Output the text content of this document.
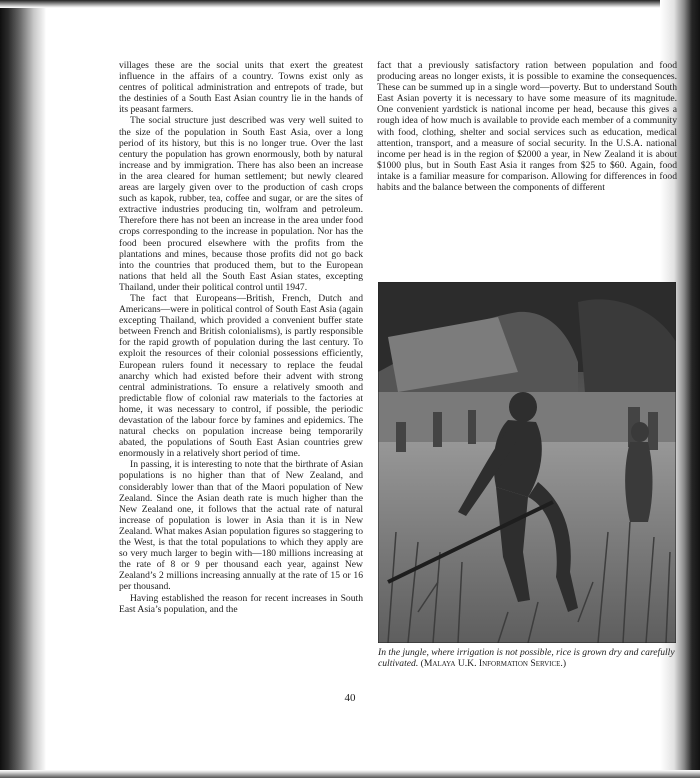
villages these are the social units that exert the greatest influence in the affairs of a country. Towns exist only as centres of political administration and entrepots of trade, but the destinies of a South East Asian country lie in the hands of its peasant farmers.

The social structure just described was very well suited to the size of the population in South East Asia, over a long period of its history, but this is no longer true. Over the last century the population has grown enormously, both by natural increase and by immigration. There has also been an increase in the area cleared for human settlement; but newly cleared areas are largely given over to the production of cash crops such as kapok, rubber, tea, coffee and sugar, or are the sites of extractive industries producing tin, wolfram and petroleum. Therefore there has not been an increase in the area under food crops corresponding to the increase in population. Nor has the food been procured elsewhere with the profits from the plantations and mines, because those profits did not go back into the countries that produced them, but to the European nations that held all the South East Asian states, excepting Thailand, under their political control until 1947.

The fact that Europeans—British, French, Dutch and Americans—were in political control of South East Asia (again excepting Thailand, which provided a convenient buffer state between French and British colonialisms), is partly responsible for the rapid growth of population during the last century. To exploit the resources of their colonial possessions efficiently, European rulers found it necessary to replace the feudal anarchy which had existed before their advent with strong central administrations. To ensure a relatively smooth and predictable flow of colonial raw materials to the factories at home, it was necessary to control, if possible, the periodic devastation of the labour force by famines and epidemics. The natural checks on population increase being temporarily abated, the populations of South East Asian countries grew enormously in a relatively short period of time.

In passing, it is interesting to note that the birthrate of Asian populations is no higher than that of New Zealand, and considerably lower than that of the Maori population of New Zealand. Since the Asian death rate is much higher than the New Zealand one, it follows that the actual rate of natural increase of population is lower in Asia than it is in New Zealand. What makes Asian population figures so staggering to the West, is that the total populations to which they apply are so very much larger to begin with—180 millions increasing at the rate of 8 or 9 per thousand each year, against New Zealand’s 2 millions increasing annually at the rate of 15 or 16 per thousand.

Having established the reason for recent increases in South East Asia’s population, and the

fact that a previously satisfactory ration between population and food producing areas no longer exists, it is possible to examine the consequences. These can be summed up in a single word—poverty. But to understand South East Asian poverty it is necessary to have some measure of its magnitude. One convenient yardstick is national income per head, because this gives a rough idea of how much is available to provide each member of a community with food, clothing, shelter and social services such as education, medical attention, transport, and a measure of social security. In the U.S.A. national income per head is in the region of $2000 a year, in New Zealand it is about $1000 plus, but in South East Asia it ranges from $25 to $60. Again, food intake is a familiar measure for comparison. Allowing for differences in food habits and the balance between the components of different

In the jungle, where irrigation is not possible, rice is grown dry and carefully cultivated. (Malaya U.K. Information Service.)
40
